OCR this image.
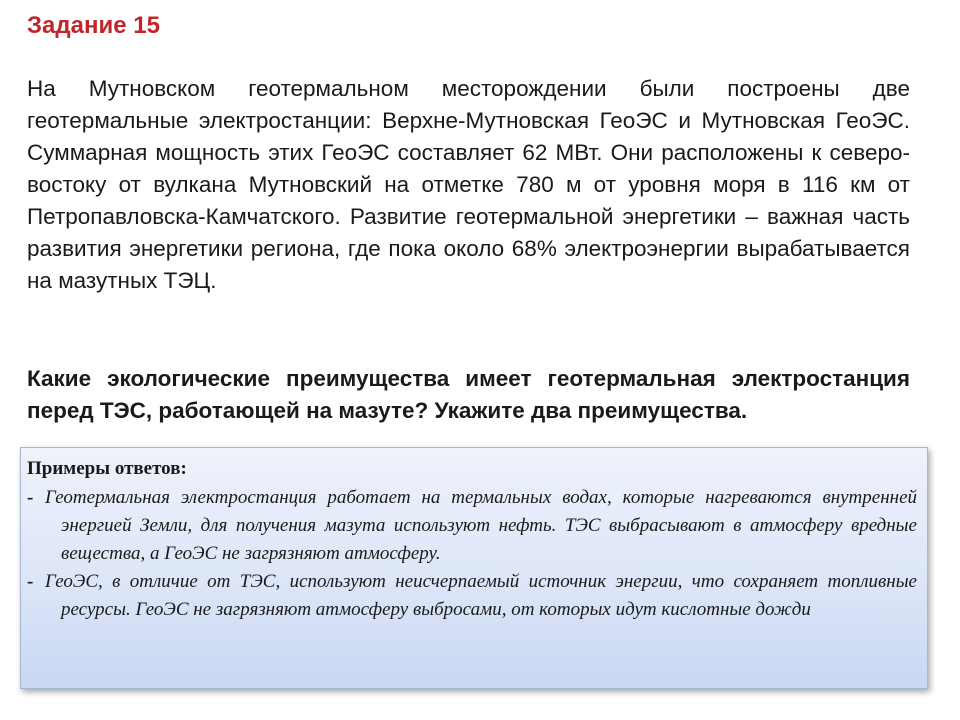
Задание 15

На Мутновском геотермальном месторождении были построены две геотермальные электростанции: Верхне-Мутновская ГеоЭС и Мутновская ГеоЭС. Суммарная мощность этих ГеоЭС составляет 62 МВт. Они расположены к северо-востоку от вулкана Мутновский на отметке 780 м от уровня моря в 116 км от Петропавловска-Камчатского. Развитие геотермальной энергетики – важная часть развития энергетики региона, где пока около 68% электроэнергии вырабатывается на мазутных ТЭЦ.

Какие экологические преимущества имеет геотермальная электростанция перед ТЭС, работающей на мазуте? Укажите два преимущества.

Примеры ответов:

- Геотермальная электростанция работает на термальных водах, которые нагреваются внутренней энергией Земли, для получения мазута используют нефть. ТЭС выбрасывают в атмосферу вредные вещества, а ГеоЭС не загрязняют атмосферу.

- ГеоЭС, в отличие от ТЭС, используют неисчерпаемый источник энергии, что сохраняет топливные ресурсы. ГеоЭС не загрязняют атмосферу выбросами, от которых идут кислотные дожди
